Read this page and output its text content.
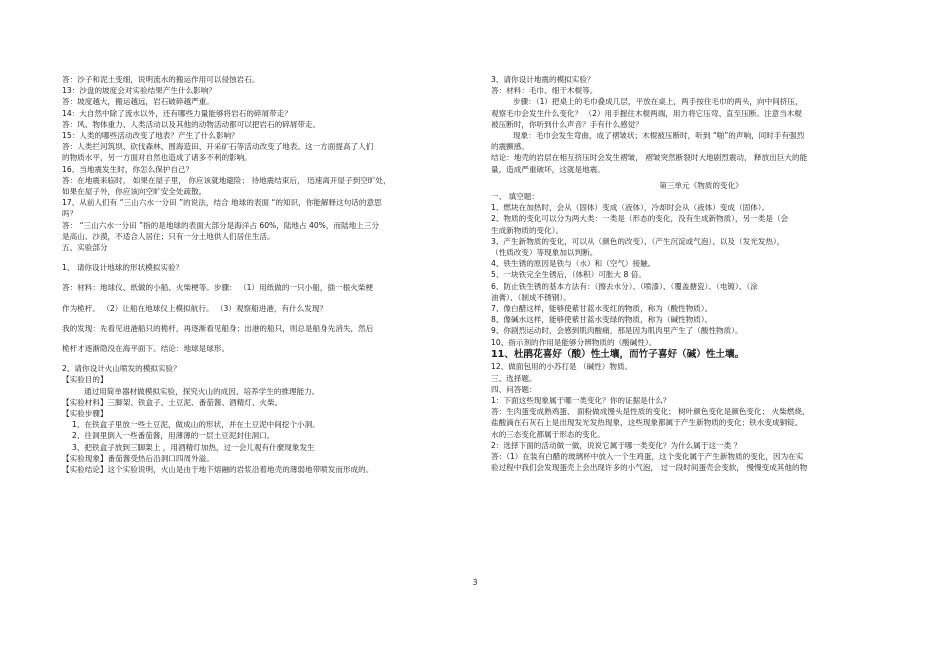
答：沙子和泥土变细，说明流水的搬运作用可以侵蚀岩石。

13：沙盘的坡度会对实验结果产生什么影响？

答：坡度越大，搬运越远，岩石破碎越严重。

14：大自然中除了流水以外，还有哪些力量能够将岩石的碎屑带走？

答：风、物体重力、人类活动以及其他的动物活动都可以把岩石的碎屑带走。

15：人类的哪些活动改变了地表？产生了什么影响？

答：人类拦河筑坝、砍伐森林、围海造田、开采矿石等活动改变了地表。这一方面提高了人们

的物质水平，另一方面对自然也造成了诸多不利的影响。

16、当地震发生时，你怎么保护自己？

答：在地震来临时， 如果在屋子里， 你应该就地避险； 待地震结束后， 迅速离开屋子到空旷处，

如果在屋子外，你应该向空旷安全处疏散。

17、从前人们有 “三山六水一分田 ”的说法，结合 地球的表面 “的知识，你能解释这句话的意思

吗？

答： “三山六水一分田 ”指的是地球的表面大部分是海洋占 60%，陆地占 40%，而陆地上三分

是高山、沙漠，不适合人居住；只有一分土地供人们居住生活。

五、实验部分

1、 请你设计地球的形状模拟实验？

答：材料：地球仪、纸做的小船、火柴梗等。步骤： （1）用纸做的一只小船，插一根火柴梗

作为桅杆。 （2）让船在地球仪上模拟航行。 （3）观察船进港，有什么发现？

我的发现：先看见进港船只的桅杆，再逐渐看见船身；出港的船只，则总是船身先消失，然后

桅杆才逐渐隐没在海平面下。结论：地球是球形。

2、请你设计火山喷发的模拟实验？

【实验目的】

通过用简单器材做模拟实验，探究火山的成因，培养学生的推理能力。

【实验材料】三脚架、铁盒子、土豆泥、番茄酱、酒精灯、火柴。

【实验步骤】

1、在铁盒子里放一些土豆泥，做成山的形状，并在土豆泥中间挖个小洞。

2、往洞里倒入一些番茄酱，用薄薄的一层土豆泥封住洞口。

3、把铁盒子放到三脚架上 ，用酒精灯加热，过一会儿观有什麼现象发生

【实验现象】番茄酱受热后沿洞口四周外溢。

【实验结论】这个实验说明，火山是由于地下熔融的岩浆沿着地壳的薄弱地带喷发而形成的。

3、请你设计地震的模拟实验？

答：材料：毛巾、细干木棍等。

步骤：（1）把桌上的毛巾叠成几层，平放在桌上，两手按住毛巾的两头，向中间挤压，

观察毛巾会发生什么变化？ （2）用手握住木棍两端，用力将它压弯、直至压断。注意当木棍

被压断时，你听到什么声音？手有什么感觉？

现象：毛巾会发生弯曲，成了褶皱状；木棍被压断时，听到 “啪”的声响，同时手有强烈

的震颤感。

结论：地壳的岩层在相互挤压时会发生褶皱， 褶皱突然断裂时大地剧烈震动， 释放出巨大的能

量，造成严重破坏，这就是地震。

第三单元《物质的变化》

一、 填空题：

1、燃块在加热时，会从（固体）变成（液体），冷却时会从（液体）变成（固体）。

2、物质的变化可以分为两大类：一类是（形态的变化，没有生成新物质），另一类是（会

生成新物质的变化）。

3、产生新物质的变化，可以从（颜色的改变）、（产生沉淀或气泡）、以及（发光发热），

（性质改变）等现象加以判断。

4、铁生锈的原因是铁与（水）和（空气）接触。

5、一块铁完全生锈后，（体积）可胀大 8 倍。

6、防止铁生锈的基本方法有：（擦去水分）、（喷漆）、（覆盖搪瓷）、（电镀）、（涂

油膏）、（制成不锈钢）。

7、像白醋这样，能够使紫甘蓝水变红的物质，称为（酸性物质）。

8、像碱水这样，能够使紫甘蓝水变绿的物质，称为（碱性物质）。

9、你剧烈运动时，会感到肌肉酸痛，那是因为肌肉里产生了（酸性物质）。

10、指示剂的作用是能够分辨物质的（酸碱性）。

11、杜鹃花喜好（酸）性土壤，而竹子喜好（碱）性土壤。

12、做面包用的小苏打是 （碱性）物质。

三、选择题。

四、问答题：

1：下面这些现象属于哪一类变化？你的证据是什么？

答：生肉蛋变成熟鸡蛋、 面粉做成馒头是性质的变化； 树叶颜色变化是颜色变化； 火柴燃烧、

盐酸滴在石灰石上是出现发光发热现象，这些现象都属于产生新物质的变化；铁水变成铜锭、

水的三态变化都属于形态的变化。

2：选择下面的活动做一做，说说它属于哪一类变化？为什么属于这一类 ？

答：（1）在装有白醋的玻璃杯中放入一个生鸡蛋，这个变化属于产生新物质的变化，因为在实

验过程中我们会发现蛋壳上会出现许多的小气泡， 过一段时间蛋壳会变软， 慢慢变成其他的物

3
